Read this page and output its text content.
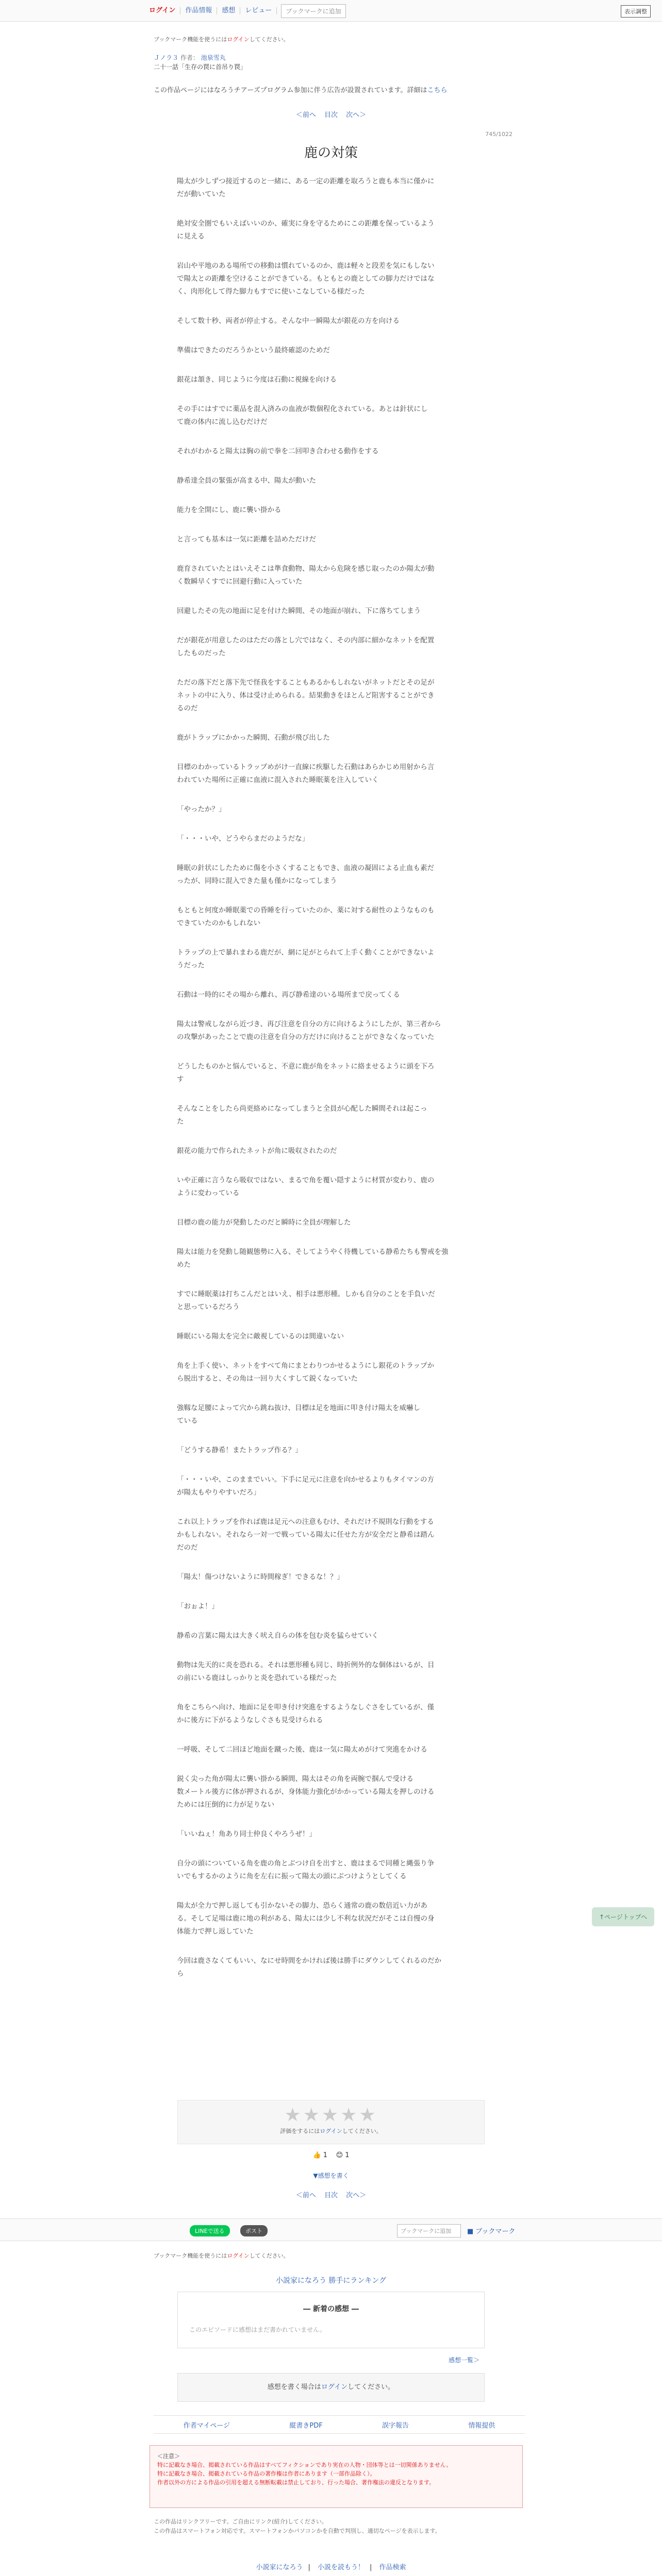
ログイン	作品情報	感想	レビュー	ブックマークに追加	表示調整
ブックマーク機能を使うにはログインしてください。
Ｊノラ３ 作者： 池泉雪丸
二十一話「生存の罠に首吊り罠」
この作品ページにはなろうチアーズプログラム参加に伴う広告が設置されています。詳細はこちら
＜前へ 目次 次へ＞
745/1022
鹿の対策

陽太が少しずつ接近するのと一緒に、ある一定の距離を取ろうと鹿も本当に僅かに

だが動いていた

絶対安全圏でもいえばいいのか、確実に身を守るためにこの距離を保っているよう

に見える

岩山や平地のある場所での移動は慣れているのか、鹿は軽々と段差を気にもしない

で陽太との距離を空けることができている。もともとの鹿としての脚力だけではな

く、肉形化して得た脚力もすでに使いこなしている様だった

そして数十秒、両者が停止する。そんな中一瞬陽太が銀花の方を向ける

準備はできたのだろうかという最終確認のためだ

銀花は頷き、同じように今度は石動に視線を向ける

その手にはすでに薬品を混入済みの血液が数個程化されている。あとは針状にし

て鹿の体内に流し込むだけだ

それがわかると陽太は胸の前で拳を二回叩き合わせる動作をする

静希達全員の緊張が高まる中、陽太が動いた

能力を全開にし、鹿に襲い掛かる

と言っても基本は一気に距離を詰めただけだ

鹿育されていたとはいえそこは準食動物、陽太から危険を感じ取ったのか陽太が動

く数瞬早くすでに回避行動に入っていた

回避したその先の地面に足を付けた瞬間、その地面が崩れ、下に落ちてしまう

だが銀花が用意したのはただの落とし穴ではなく、その内部に細かなネットを配置

したものだった

ただの落下だと落下先で怪我をすることもあるかもしれないがネットだとその足が

ネットの中に入り、体は受け止められる。結果動きをほとんど阻害することができ

るのだ

鹿がトラップにかかった瞬間、石動が飛び出した

目標のわかっているトラップめがけ一直線に疾駆した石動はあらかじめ用射から言

われていた場所に正確に血液に混入された睡眠薬を注入していく

「やったか？」

「・・・いや、どうやらまだのようだな」

睡眠の針状にしたために傷を小さくすることもでき、血液の凝固による止血も素だ

ったが、同時に混入できた量も僅かになってしまう

もともと何度か睡眠薬での昏睡を行っていたのか、薬に対する耐性のようなものも

できていたのかもしれない

トラップの上で暴れまわる鹿だが、網に足がとられて上手く動くことができないよ

うだった

石動は一時的にその場から離れ、再び静希達のいる場所まで戻ってくる

陽太は警戒しながら近づき、再び注意を自分の方に向けるようにしたが、第三者から

の攻撃があったことで鹿の注意を自分の方だけに向けることができなくなっていた

どうしたものかと悩んでいると、不意に鹿が角をネットに絡ませるように頭を下ろ

す

そんなことをしたら尚更絡めになってしまうと全員が心配した瞬間それは起こっ

た

銀花の能力で作られたネットが角に吸収されたのだ

いや正確に言うなら吸収ではない、まるで角を覆い隠すように材質が変わり、鹿の

ように変わっている

目標の鹿の能力が発動したのだと瞬時に全員が理解した

陽太は能力を発動し随観態勢に入る、そしてようやく待機している静希たちも警戒を強

めた

すでに睡眠薬は打ちこんだとはいえ、相手は悪形種。しかも自分のことを手負いだ

と思っているだろう

睡眠にいる陽太を完全に敵視しているのは間違いない

角を上手く使い、ネットをすべて角にまとわりつかせるようにし銀花のトラップか

ら脱出すると、その角は一回り大くすして鋭くなっていた

強靱な足腰によって穴から跳ね抜け、目標は足を地面に叩き付け陽太を威嚇し

ている

「どうする静希！またトラップ作る？」

「・・・いや、このままでいい。下手に足元に注意を向かせるよりもタイマンの方

が陽太もやりやすいだろ」

これ以上トラップを作れば鹿は足元への注意もむけ、それだけ不規則な行動をする

かもしれない。それなら一対一で戦っている陽太に任せた方が安全だと静希は踏ん

だのだ

「陽太！傷つけないように時間稼ぎ！できるな！？」

「おぉよ！」

静希の言葉に陽太は大きく吠え自らの体を包む炎を猛らせていく

動物は先天的に炎を恐れる。それは悪形種も同じ、時折例外的な個体はいるが、目

の前にいる鹿はしっかりと炎を恐れている様だった

角をこちらへ向け、地面に足を叩き付け突進をするようなしぐさをしているが、僅

かに後方に下がるようなしぐさも見受けられる

一呼吸、そして二回ほど地面を蹴った後、鹿は一気に陽太めがけて突進をかける

鋭く尖った角が陽太に襲い掛かる瞬間、陽太はその角を両腕で掴んで受ける

数メートル後方に体が押されるが、身体能力強化がかかっている陽太を押しのける

ためには圧倒的に力が足りない

「いいねぇ！角あり同士仲良くやろうぜ！」

自分の頭についている角を鹿の角とぶつけ自を出すと、鹿はまるで同種と縄張り争

いでもするかのように角を左右に振って陽太の頭にぶつけようとしてくる

陽太が全力で押し返しても引かないその脚力、恐らく通常の鹿の数倍近い力があ

る。そして足場は鹿に地の利がある、陽太には少し不利な状況だがそこは自慢の身

体能力で押し返していた

今回は鹿さなくてもいい、なにせ時間をかければ後は勝手にダウンしてくれるのだか

ら

★★★★★
評価をするにはログインしてください。
👍 1 😊 1
▼感想を書く
＜前へ 目次 次へ＞
LINEで送る	ポスト	ブックマークに追加	■ ブックマーク
ブックマーク機能を使うにはログインしてください。
小説家になろう 勝手にランキング
― 新着の感想 ―
このエピソードに感想はまだ書かれていません。
感想一覧＞
感想を書く場合はログインしてください。
作者マイページ	縦書きPDF	誤字報告	情報提供
＜注意＞
特に記載なき場合、掲載されている作品はすべてフィクションであり実在の人物・団体等とは一切関係ありません。
特に記載なき場合、掲載されている作品の著作権は作者にあります（一部作品除く）。
作者以外の方による作品の引用を超える無断転載は禁止しており、行った場合、著作権法の違反となります。
この作品はリンクフリーです。ご自由にリンク(紹介)してください。
この作品はスマートフォン対応です。スマートフォンかパソコンかを自動で判別し、適切なページを表示します。
小説家になろう | 小説を読もう！ | 作品検索
↑ページトップへ
